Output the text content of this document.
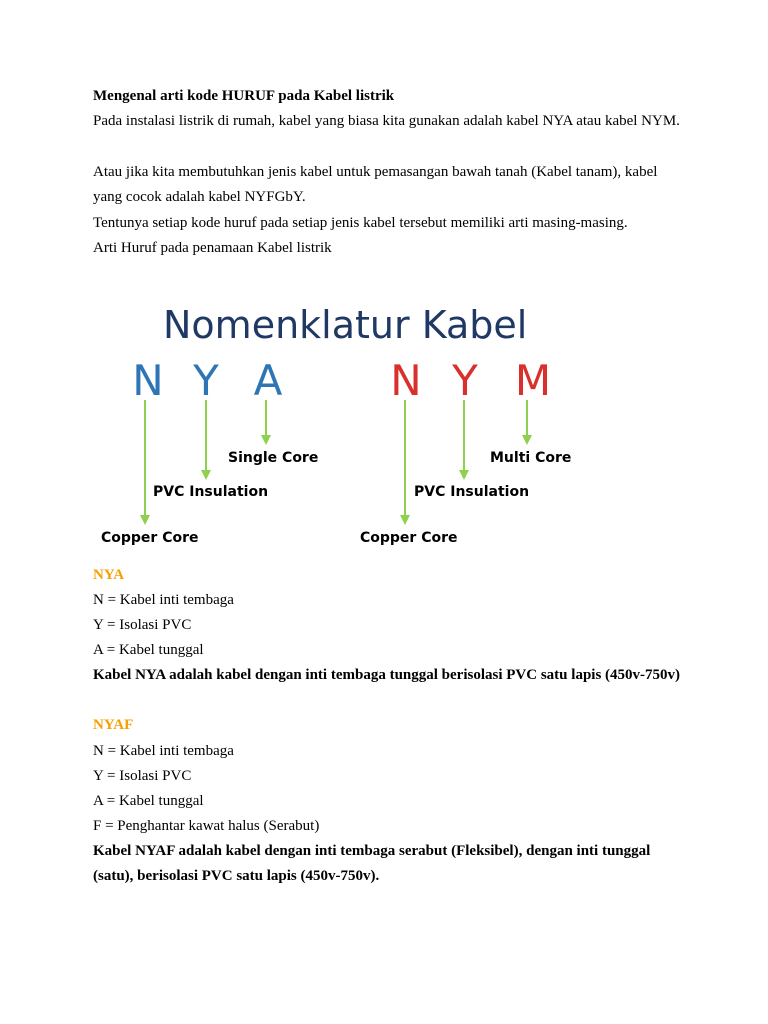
Mengenal arti kode HURUF pada Kabel listrik

Pada instalasi listrik di rumah, kabel yang biasa kita gunakan adalah kabel NYA atau kabel NYM.

Atau jika kita membutuhkan jenis kabel untuk pemasangan bawah tanah (Kabel tanam), kabel yang cocok adalah kabel NYFGbY.

Tentunya setiap kode huruf pada setiap jenis kabel tersebut memiliki arti masing-masing.

Arti Huruf pada penamaan Kabel listrik

Nomenklatur Kabel
N Y A
Single Core
PVC Insulation
Copper Core
N Y M
Multi Core
PVC Insulation
Copper Core

NYA

N = Kabel inti tembaga

Y = Isolasi PVC

A = Kabel tunggal

Kabel NYA adalah kabel dengan inti tembaga tunggal berisolasi PVC satu lapis (450v-750v)

NYAF

N = Kabel inti tembaga

Y = Isolasi PVC

A = Kabel tunggal

F = Penghantar kawat halus (Serabut)

Kabel NYAF adalah kabel dengan inti tembaga serabut (Fleksibel), dengan inti tunggal (satu), berisolasi PVC satu lapis (450v-750v).
